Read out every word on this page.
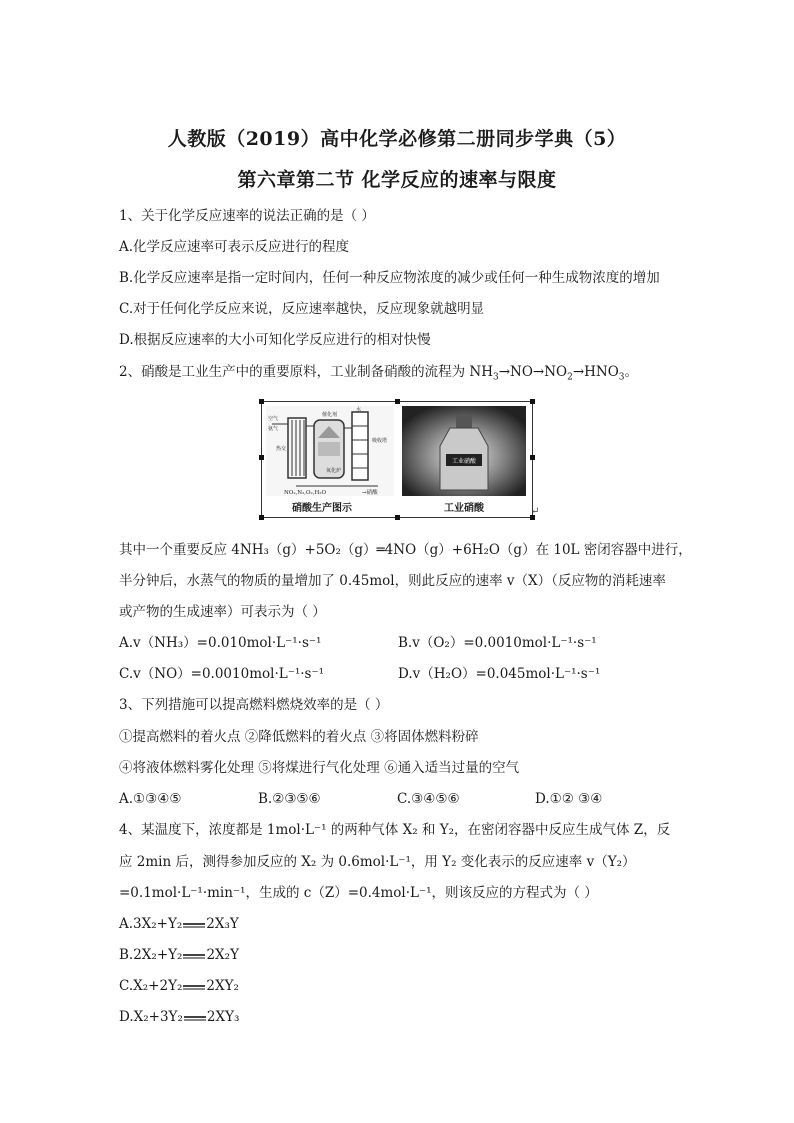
人教版（2019）高中化学必修第二册同步学典（5）
第六章第二节 化学反应的速率与限度
1、关于化学反应速率的说法正确的是（ ）
A.化学反应速率可表示反应进行的程度
B.化学反应速率是指一定时间内，任何一种反应物浓度的减少或任何一种生成物浓度的增加
C.对于任何化学反应来说，反应速率越快，反应现象就越明显
D.根据反应速率的大小可知化学反应进行的相对快慢
2、硝酸是工业生产中的重要原料，工业制备硝酸的流程为 $NH_3\to NO\to NO_2\to HNO_3$。
空气
氨气
热交
催化剂
水
吸收塔
氧化炉
NO₂,N₂,O₂,H₂O	→硝酸
工业硝酸
硝酸生产图示	工业硝酸	↵
其中一个重要反应 4NH₃（g）+5O₂（g）═4NO（g）+6H₂O（g）在 10L 密闭容器中进行，
半分钟后，水蒸气的物质的量增加了 0.45mol，则此反应的速率 v（X）（反应物的消耗速率
或产物的生成速率）可表示为（ ）
A.v（NH₃）=0.010mol·L⁻¹·s⁻¹	B.v（O₂）=0.0010mol·L⁻¹·s⁻¹
C.v（NO）=0.0010mol·L⁻¹·s⁻¹	D.v（H₂O）=0.045mol·L⁻¹·s⁻¹
3、下列措施可以提高燃料燃烧效率的是（ ）
①提高燃料的着火点 ②降低燃料的着火点 ③将固体燃料粉碎
④将液体燃料雾化处理 ⑤将煤进行气化处理 ⑥通入适当过量的空气
A.①③④⑤	B.②③⑤⑥	C.③④⑤⑥	D.①② ③④
4、某温度下，浓度都是 1mol·L⁻¹ 的两种气体 X₂ 和 Y₂，在密闭容器中反应生成气体 Z，反
应 2min 后，测得参加反应的 X₂ 为 0.6mol·L⁻¹，用 Y₂ 变化表示的反应速率 v（Y₂）
=0.1mol·L⁻¹·min⁻¹，生成的 c（Z）=0.4mol·L⁻¹，则该反应的方程式为（ ）
A.3X₂+Y₂ 2X₃Y
B.2X₂+Y₂ 2X₂Y
C.X₂+2Y₂ 2XY₂
D.X₂+3Y₂ 2XY₃
